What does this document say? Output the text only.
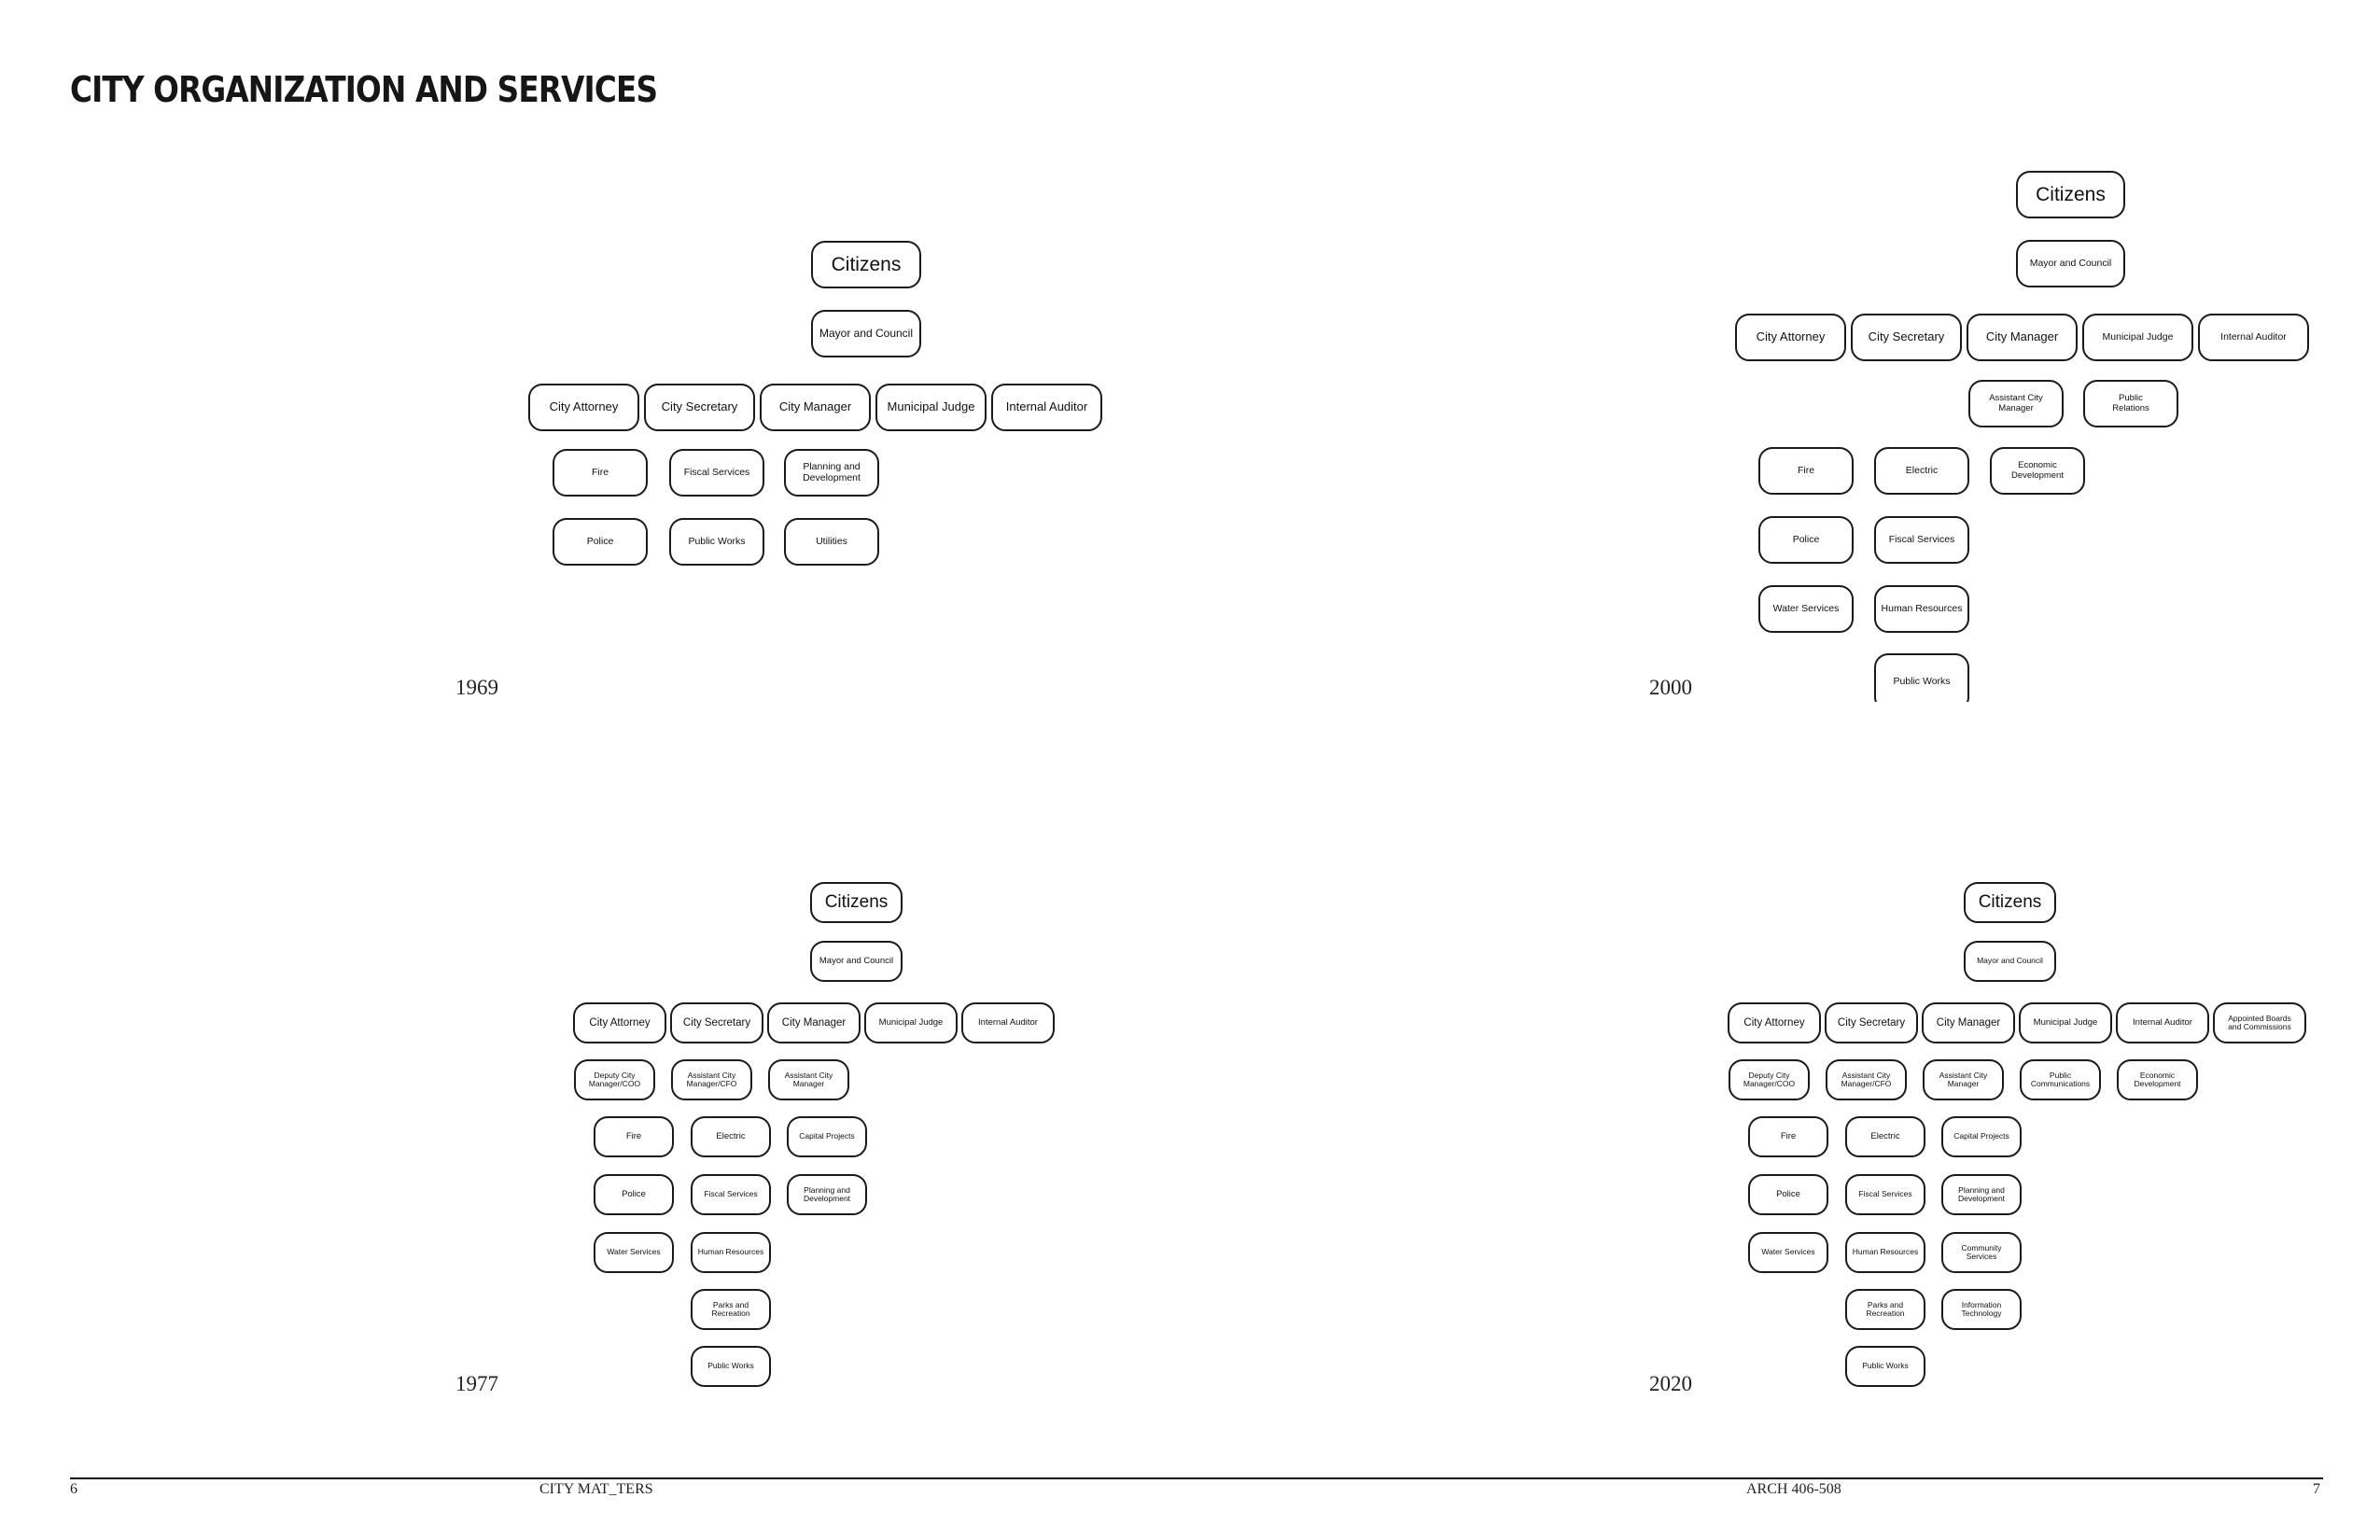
CITY ORGANIZATION AND SERVICES
Citizens
Mayor and Council
City Attorney	City Secretary	City Manager	Municipal Judge	Internal Auditor
Fire
Police
Fiscal Services
Public Works
Planning and
Development
Utilities
1969
Citizens
Mayor and Council
City Attorney	City Secretary	City Manager	Municipal Judge	Internal Auditor
Assistant City
Manager
Public
Relations
Fire
Police
Water Services
Electric
Fiscal Services
Human Resources
Public Works
Economic
Development
2000
Citizens
Mayor and Council
City Attorney	City Secretary	City Manager	Municipal Judge	Internal Auditor
Deputy City
Manager/COO
Assistant City
Manager/CFO
Assistant City
Manager
Fire
Police
Water Services
Electric
Fiscal Services
Human Resources
Parks and
Recreation
Public Works
Capital Projects
Planning and
Development
1977
Citizens
Mayor and Council
City Attorney	City Secretary	City Manager	Municipal Judge	Internal Auditor	Appointed Boards
and Commissions
Deputy City
Manager/COO
Assistant City
Manager/CFO
Assistant City
Manager
Public
Communications
Economic
Development
Fire
Police
Water Services
Electric
Fiscal Services
Human Resources
Parks and
Recreation
Public Works
Capital Projects
Planning and
Development
Community
Services
Information
Technology
2020
6	CITY MAT_TERS	ARCH 406-508	7
